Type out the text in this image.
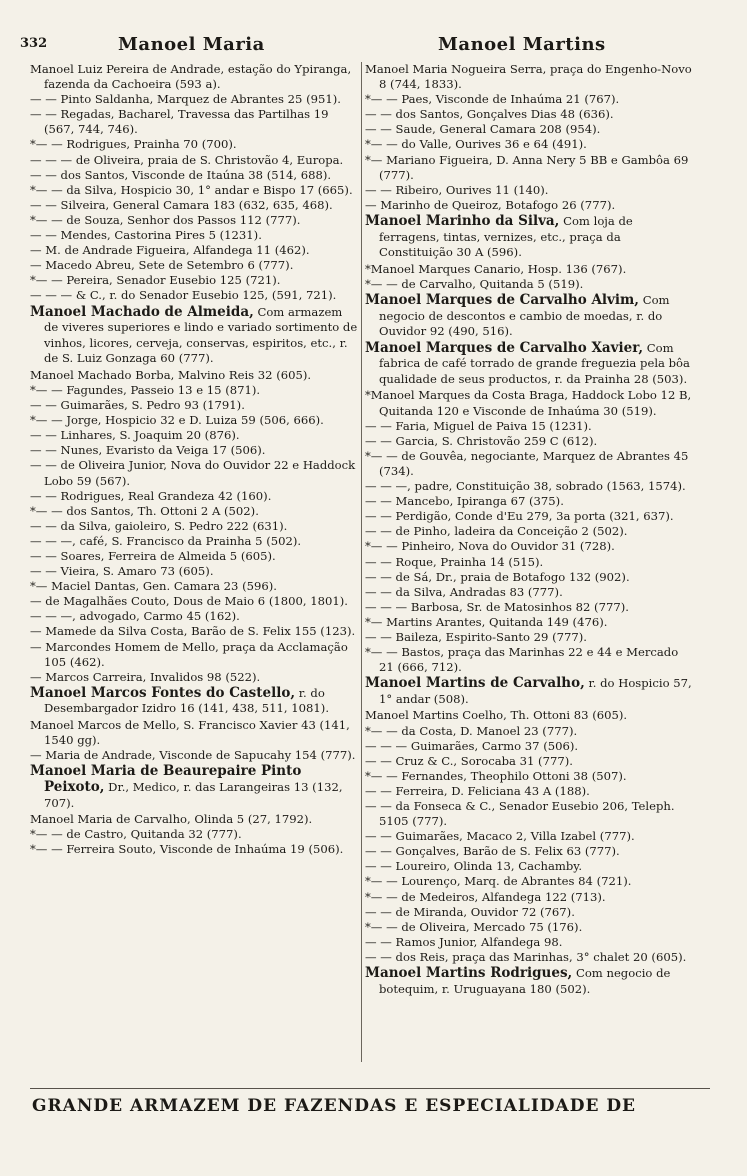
332	Manoel Maria	Manoel Martins

Manoel Luiz Pereira de Andrade, estação do Ypiranga, fazenda da Cachoeira (593 a).

— — Pinto Saldanha, Marquez de Abrantes 25 (951).

— — Regadas, Bacharel, Travessa das Partilhas 19 (567, 744, 746).

*— — Rodrigues, Prainha 70 (700).

— — — de Oliveira, praia de S. Christovão 4, Europa.

— — dos Santos, Visconde de Itaúna 38 (514, 688).

*— — da Silva, Hospicio 30, 1° andar e Bispo 17 (665).

— — Silveira, General Camara 183 (632, 635, 468).

*— — de Souza, Senhor dos Passos 112 (777).

— — Mendes, Castorina Pires 5 (1231).

— M. de Andrade Figueira, Alfandega 11 (462).

— Macedo Abreu, Sete de Setembro 6 (777).

*— — Pereira, Senador Eusebio 125 (721).

— — — & C., r. do Senador Eusebio 125, (591, 721).

Manoel Machado de Almeida, Com armazem de viveres superiores e lindo e variado sortimento de vinhos, licores, cerveja, conservas, espiritos, etc., r. de S. Luiz Gonzaga 60 (777).

Manoel Machado Borba, Malvino Reis 32 (605).

*— — Fagundes, Passeio 13 e 15 (871).

— — Guimarães, S. Pedro 93 (1791).

*— — Jorge, Hospicio 32 e D. Luiza 59 (506, 666).

— — Linhares, S. Joaquim 20 (876).

— — Nunes, Evaristo da Veiga 17 (506).

— — de Oliveira Junior, Nova do Ouvidor 22 e Haddock Lobo 59 (567).

— — Rodrigues, Real Grandeza 42 (160).

*— — dos Santos, Th. Ottoni 2 A (502).

— — da Silva, gaioleiro, S. Pedro 222 (631).

— — —, café, S. Francisco da Prainha 5 (502).

— — Soares, Ferreira de Almeida 5 (605).

— — Vieira, S. Amaro 73 (605).

*— Maciel Dantas, Gen. Camara 23 (596).

— de Magalhães Couto, Dous de Maio 6 (1800, 1801).

— — —, advogado, Carmo 45 (162).

— Mamede da Silva Costa, Barão de S. Felix 155 (123).

— Marcondes Homem de Mello, praça da Acclamação 105 (462).

— Marcos Carreira, Invalidos 98 (522).

Manoel Marcos Fontes do Castello, r. do Desembargador Izidro 16 (141, 438, 511, 1081).

Manoel Marcos de Mello, S. Francisco Xavier 43 (141, 1540 gg).

— Maria de Andrade, Visconde de Sapucahy 154 (777).

Manoel Maria de Beaurepaire Pinto Peixoto, Dr., Medico, r. das Larangeiras 13 (132, 707).

Manoel Maria de Carvalho, Olinda 5 (27, 1792).

*— — de Castro, Quitanda 32 (777).

*— — Ferreira Souto, Visconde de Inhaúma 19 (506).

Manoel Maria Nogueira Serra, praça do Engenho-Novo 8 (744, 1833).

*— — Paes, Visconde de Inhaúma 21 (767).

— — dos Santos, Gonçalves Dias 48 (636).

— — Saude, General Camara 208 (954).

*— — do Valle, Ourives 36 e 64 (491).

*— Mariano Figueira, D. Anna Nery 5 BB e Gambôa 69 (777).

— — Ribeiro, Ourives 11 (140).

— Marinho de Queiroz, Botafogo 26 (777).

Manoel Marinho da Silva, Com loja de ferragens, tintas, vernizes, etc., praça da Constituição 30 A (596).

*Manoel Marques Canario, Hosp. 136 (767).

*— — de Carvalho, Quitanda 5 (519).

Manoel Marques de Carvalho Alvim, Com negocio de descontos e cambio de moedas, r. do Ouvidor 92 (490, 516).

Manoel Marques de Carvalho Xavier, Com fabrica de café torrado de grande freguezia pela bôa qualidade de seus productos, r. da Prainha 28 (503).

*Manoel Marques da Costa Braga, Haddock Lobo 12 B, Quitanda 120 e Visconde de Inhaúma 30 (519).

— — Faria, Miguel de Paiva 15 (1231).

— — Garcia, S. Christovão 259 C (612).

*— — de Gouvêa, negociante, Marquez de Abrantes 45 (734).

— — —, padre, Constituição 38, sobrado (1563, 1574).

— — Mancebo, Ipiranga 67 (375).

— — Perdigão, Conde d'Eu 279, 3a porta (321, 637).

— — de Pinho, ladeira da Conceição 2 (502).

*— — Pinheiro, Nova do Ouvidor 31 (728).

— — Roque, Prainha 14 (515).

— — de Sá, Dr., praia de Botafogo 132 (902).

— — da Silva, Andradas 83 (777).

— — — Barbosa, Sr. de Matosinhos 82 (777).

*— Martins Arantes, Quitanda 149 (476).

— — Baileza, Espirito-Santo 29 (777).

*— — Bastos, praça das Marinhas 22 e 44 e Mercado 21 (666, 712).

Manoel Martins de Carvalho, r. do Hospicio 57, 1° andar (508).

Manoel Martins Coelho, Th. Ottoni 83 (605).

*— — da Costa, D. Manoel 23 (777).

— — — Guimarães, Carmo 37 (506).

— — Cruz & C., Sorocaba 31 (777).

*— — Fernandes, Theophilo Ottoni 38 (507).

— — Ferreira, D. Feliciana 43 A (188).

— — da Fonseca & C., Senador Eusebio 206, Teleph. 5105 (777).

— — Guimarães, Macaco 2, Villa Izabel (777).

— — Gonçalves, Barão de S. Felix 63 (777).

— — Loureiro, Olinda 13, Cachamby.

*— — Lourenço, Marq. de Abrantes 84 (721).

*— — de Medeiros, Alfandega 122 (713).

— — de Miranda, Ouvidor 72 (767).

*— — de Oliveira, Mercado 75 (176).

— — Ramos Junior, Alfandega 98.

— — dos Reis, praça das Marinhas, 3° chalet 20 (605).

Manoel Martins Rodrigues, Com negocio de botequim, r. Uruguayana 180 (502).

GRANDE ARMAZEM DE FAZENDAS E ESPECIALIDADE DE
